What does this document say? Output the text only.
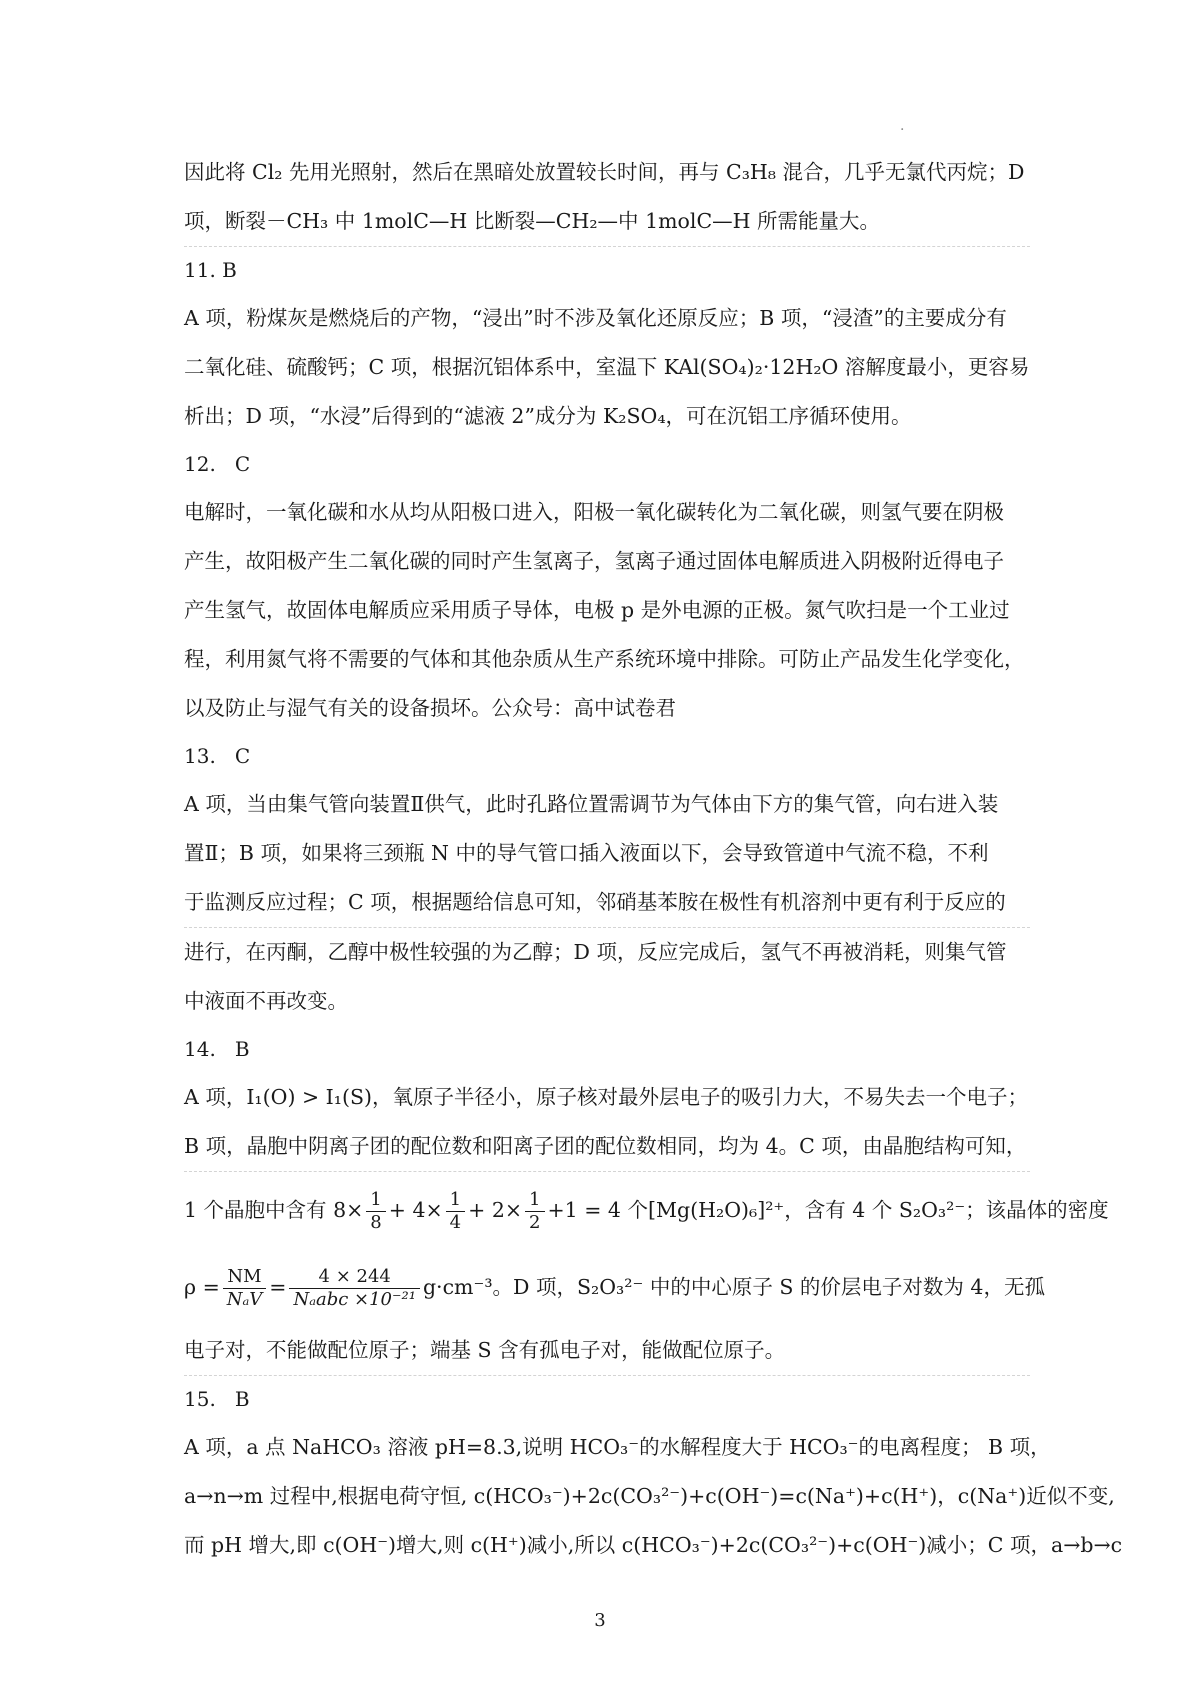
·
因此将 Cl₂ 先用光照射，然后在黑暗处放置较长时间，再与 C₃H₈ 混合，几乎无氯代丙烷；D
项，断裂－CH₃ 中 1molC—H 比断裂—CH₂—中 1molC—H 所需能量大。
11. B
A 项，粉煤灰是燃烧后的产物，“浸出”时不涉及氧化还原反应；B 项，“浸渣”的主要成分有
二氧化硅、硫酸钙；C 项，根据沉铝体系中，室温下 KAl(SO₄)₂·12H₂O 溶解度最小，更容易
析出；D 项，“水浸”后得到的“滤液 2”成分为 K₂SO₄，可在沉铝工序循环使用。
12.   C
电解时，一氧化碳和水从均从阳极口进入，阳极一氧化碳转化为二氧化碳，则氢气要在阴极
产生，故阳极产生二氧化碳的同时产生氢离子，氢离子通过固体电解质进入阴极附近得电子
产生氢气，故固体电解质应采用质子导体，电极 p 是外电源的正极。氮气吹扫是一个工业过
程，利用氮气将不需要的气体和其他杂质从生产系统环境中排除。可防止产品发生化学变化，
以及防止与湿气有关的设备损坏。公众号：高中试卷君
13.   C
A 项，当由集气管向装置Ⅱ供气，此时孔路位置需调节为气体由下方的集气管，向右进入装
置Ⅱ；B 项，如果将三颈瓶 N 中的导气管口插入液面以下，会导致管道中气流不稳，不利
于监测反应过程；C 项，根据题给信息可知，邻硝基苯胺在极性有机溶剂中更有利于反应的
进行，在丙酮，乙醇中极性较强的为乙醇；D 项，反应完成后，氢气不再被消耗，则集气管
中液面不再改变。
14.   B
A 项，I₁(O) > I₁(S)，氧原子半径小，原子核对最外层电子的吸引力大，不易失去一个电子；
B 项，晶胞中阴离子团的配位数和阳离子团的配位数相同，均为 4。C 项，由晶胞结构可知，
1 个晶胞中含有 $8\times \frac{1}{8} + 4\times \frac{1}{4} + 2\times \frac{1}{2} +1 = 4$ 个[Mg(H₂O)₆]²⁺，含有 4 个 S₂O₃²⁻；该晶体的密度
$\rho = \frac{NM}{\text{NₐV}} = \frac{4 \times 244}{\text{Nₐabc ×10⁻²¹}} g\cdot cm^{-3}$。D 项，S₂O₃²⁻ 中的中心原子 S 的价层电子对数为 4，无孤
电子对，不能做配位原子；端基 S 含有孤电子对，能做配位原子。
15.   B
A 项，a 点 NaHCO₃ 溶液 pH=8.3,说明 HCO₃⁻的水解程度大于 HCO₃⁻的电离程度； B 项，
a→n→m 过程中,根据电荷守恒, c(HCO₃⁻)+2c(CO₃²⁻)+c(OH⁻)=c(Na⁺)+c(H⁺)，c(Na⁺)近似不变,
而 pH 增大,即 c(OH⁻)增大,则 c(H⁺)减小,所以 c(HCO₃⁻)+2c(CO₃²⁻)+c(OH⁻)减小；C 项，a→b→c
3
